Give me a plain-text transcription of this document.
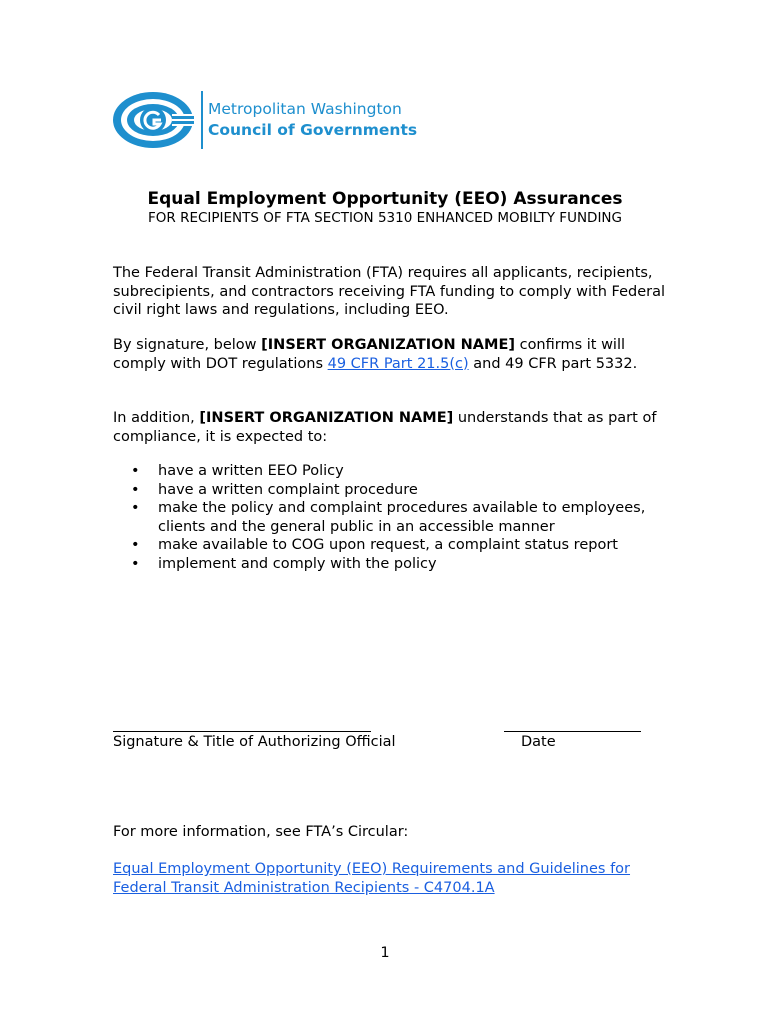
Metropolitan Washington
Council of Governments
Equal Employment Opportunity (EEO) Assurances
FOR RECIPIENTS OF FTA SECTION 5310 ENHANCED MOBILTY FUNDING
The Federal Transit Administration (FTA) requires all applicants, recipients, subrecipients, and contractors receiving FTA funding to comply with Federal civil right laws and regulations, including EEO.
By signature, below [INSERT ORGANIZATION NAME] confirms it will comply with DOT regulations 49 CFR Part 21.5(c) and 49 CFR part 5332.
In addition, [INSERT ORGANIZATION NAME] understands that as part of compliance, it is expected to:
• have a written EEO Policy
• have a written complaint procedure
• make the policy and complaint procedures available to employees, clients and the general public in an accessible manner
• make available to COG upon request, a complaint status report
• implement and comply with the policy
Signature & Title of Authorizing Official	Date
For more information, see FTA’s Circular:
Equal Employment Opportunity (EEO) Requirements and Guidelines for Federal Transit Administration Recipients - C4704.1A
1
